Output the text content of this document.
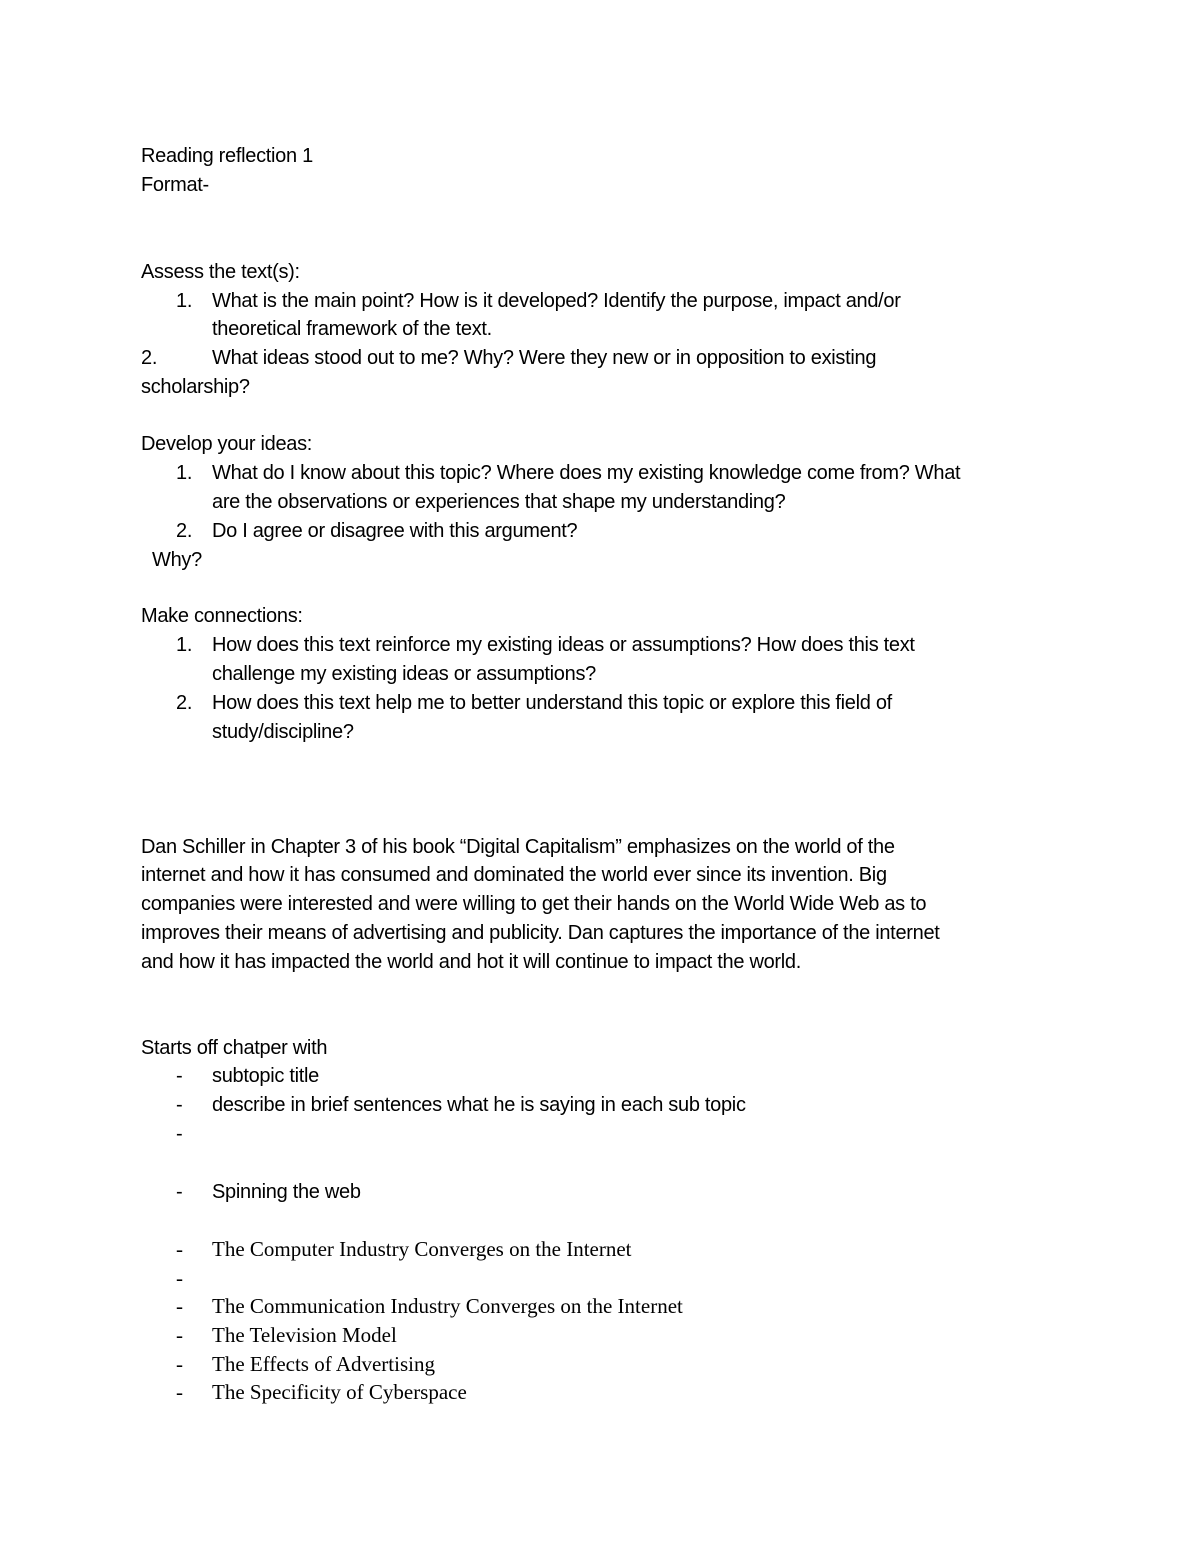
Reading reflection 1
Format-
Assess the text(s):
1. What is the main point? How is it developed? Identify the purpose, impact and/or
theoretical framework of the text.
2.	What ideas stood out to me? Why? Were they new or in opposition to existing
scholarship?
Develop your ideas:
1. What do I know about this topic? Where does my existing knowledge come from? What
are the observations or experiences that shape my understanding?
2. Do I agree or disagree with this argument?
Why?
Make connections:
1. How does this text reinforce my existing ideas or assumptions? How does this text
challenge my existing ideas or assumptions?
2. How does this text help me to better understand this topic or explore this field of
study/discipline?
Dan Schiller in Chapter 3 of his book “Digital Capitalism” emphasizes on the world of the
internet and how it has consumed and dominated the world ever since its invention. Big
companies were interested and were willing to get their hands on the World Wide Web as to
improves their means of advertising and publicity. Dan captures the importance of the internet
and how it has impacted the world and hot it will continue to impact the world.
Starts off chatper with
- subtopic title
- describe in brief sentences what he is saying in each sub topic
-
- Spinning the web
- The Computer Industry Converges on the Internet
-
- The Communication Industry Converges on the Internet
- The Television Model
- The Effects of Advertising
- The Specificity of Cyberspace
